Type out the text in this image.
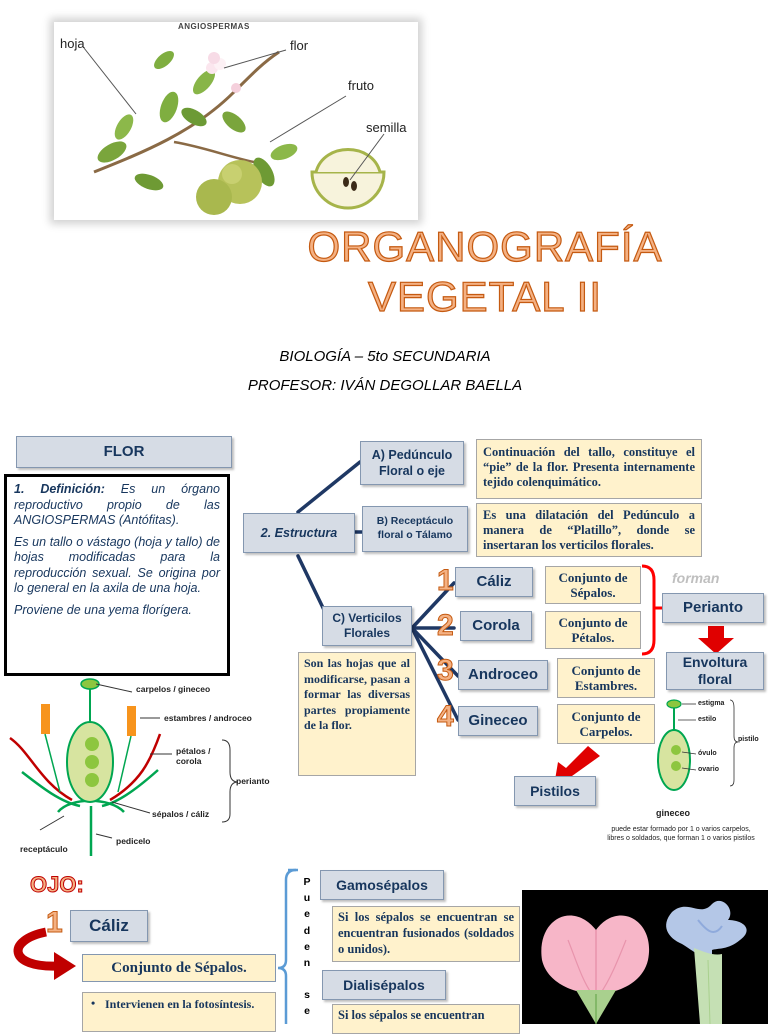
ANGIOSPERMAS
hoja	flor
fruto
semilla
ORGANOGRAFÍA
VEGETAL II
BIOLOGÍA – 5to SECUNDARIA
PROFESOR: IVÁN DEGOLLAR BAELLA
FLOR

1. Definición: Es un órgano reproductivo propio de las ANGIOSPERMAS (Antófitas).

Es un tallo o vástago (hoja y tallo) de hojas modificadas para la reproducción sexual. Se origina por lo general en la axila de una hoja.

Proviene de una yema florígera.

2. Estructura
A) Pedúnculo Floral o eje
Continuación del tallo, constituye el “pie” de la flor. Presenta internamente tejido colenquimático.
B) Receptáculo floral o Tálamo
Es una dilatación del Pedúnculo a manera de “Platillo”, donde se insertaran los verticilos florales.
C) Verticilos Florales
Son las hojas que al modificarse, pasan a formar las diversas partes propiamente de la flor.
1	Cáliz	Conjunto de Sépalos.
2	Corola	Conjunto de Pétalos.
3 Androceo	Conjunto de Estambres.
4 Gineceo	Conjunto de Carpelos.
forman
Perianto
Envoltura floral
Pistilos
carpelos / gineceo
estambres / androceo
pétalos / corola
perianto
sépalos / cáliz
pedicelo
receptáculo
estigma
estilo
óvulo
ovario
pistilo
gineceo
puede estar formado por 1 o varios carpelos, libres o soldados, que forman 1 o varios pistilos
OJO:
1	Cáliz
Conjunto de Sépalos.
• Intervienen en la fotosíntesis.
P
u
e
d
e
n
s
e
Gamosépalos
Si los sépalos se encuentran se encuentran fusionados (soldados o unidos).
Dialisépalos
Si los sépalos se encuentran
